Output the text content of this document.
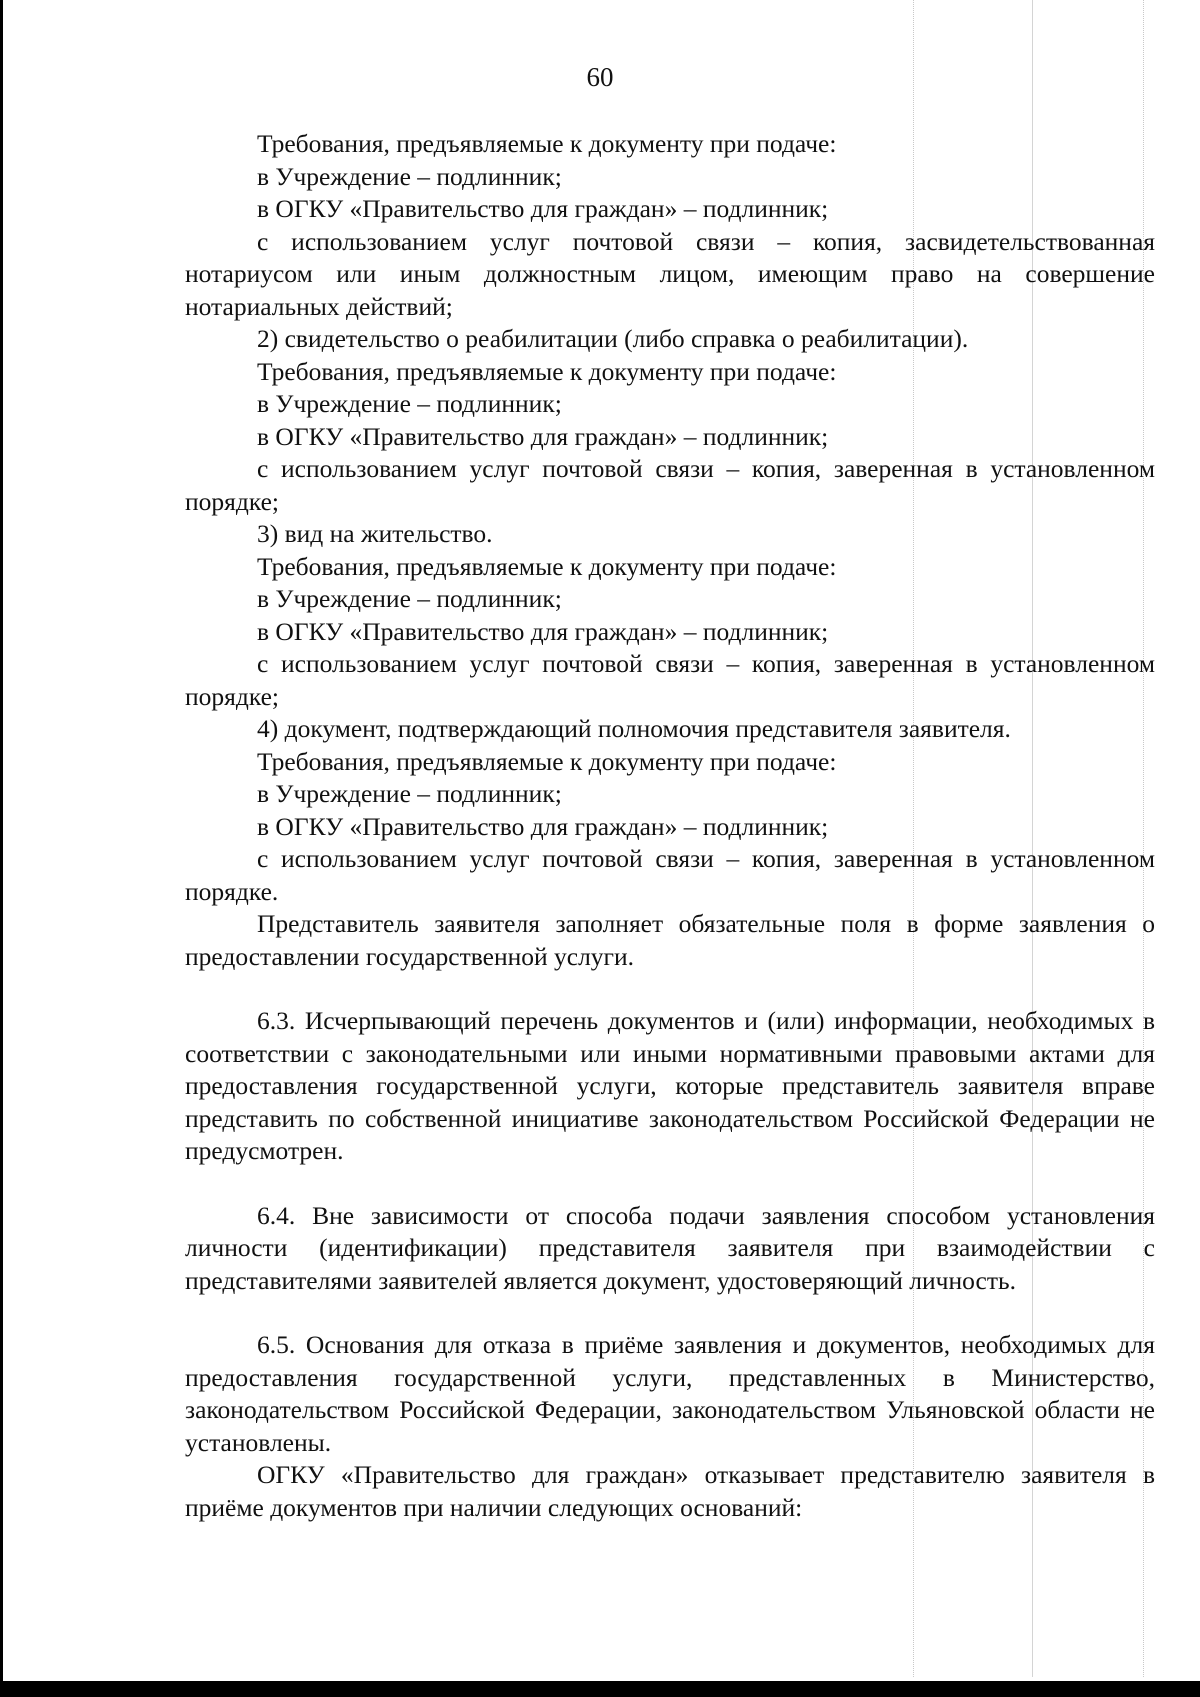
60

Требования, предъявляемые к документу при подаче:

в Учреждение – подлинник;

в ОГКУ «Правительство для граждан» – подлинник;

с использованием услуг почтовой связи – копия, засвидетельствованная нотариусом или иным должностным лицом, имеющим право на совершение нотариальных действий;

2) свидетельство о реабилитации (либо справка о реабилитации).

Требования, предъявляемые к документу при подаче:

в Учреждение – подлинник;

в ОГКУ «Правительство для граждан» – подлинник;

с использованием услуг почтовой связи – копия, заверенная в установленном порядке;

3) вид на жительство.

Требования, предъявляемые к документу при подаче:

в Учреждение – подлинник;

в ОГКУ «Правительство для граждан» – подлинник;

с использованием услуг почтовой связи – копия, заверенная в установленном порядке;

4) документ, подтверждающий полномочия представителя заявителя.

Требования, предъявляемые к документу при подаче:

в Учреждение – подлинник;

в ОГКУ «Правительство для граждан» – подлинник;

с использованием услуг почтовой связи – копия, заверенная в установленном порядке.

Представитель заявителя заполняет обязательные поля в форме заявления о предоставлении государственной услуги.

6.3. Исчерпывающий перечень документов и (или) информации, необходимых в соответствии с законодательными или иными нормативными правовыми актами для предоставления государственной услуги, которые представитель заявителя вправе представить по собственной инициативе законодательством Российской Федерации не предусмотрен.

6.4. Вне зависимости от способа подачи заявления способом установления личности (идентификации) представителя заявителя при взаимодействии с представителями заявителей является документ, удостоверяющий личность.

6.5. Основания для отказа в приёме заявления и документов, необходимых для предоставления государственной услуги, представленных в Министерство, законодательством Российской Федерации, законодательством Ульяновской области не установлены.

ОГКУ «Правительство для граждан» отказывает представителю заявителя в приёме документов при наличии следующих оснований:
